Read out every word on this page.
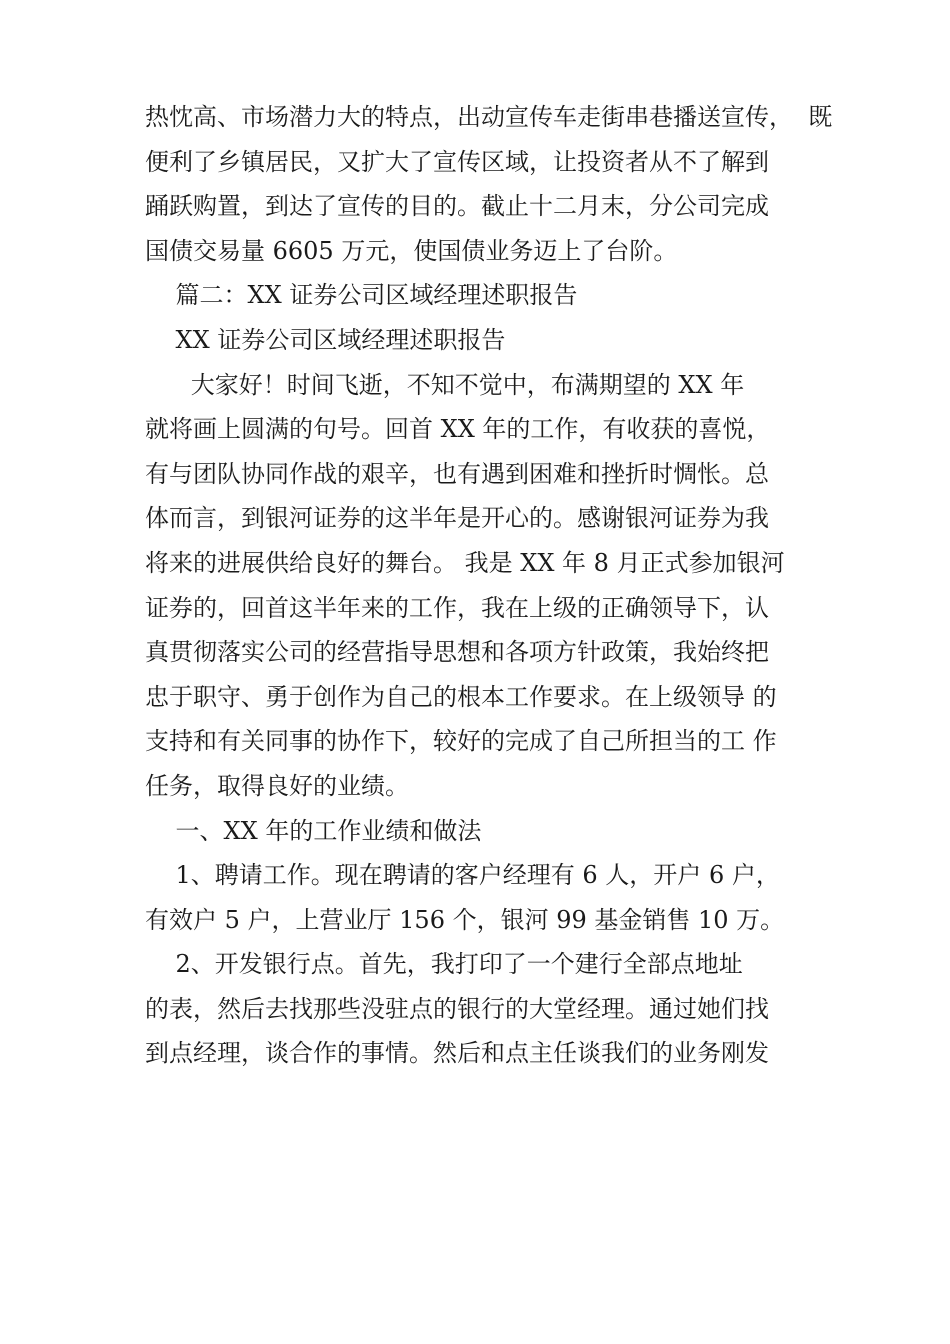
热忱高、市场潜力大的特点，出动宣传车走街串巷播送宣传，  既
便利了乡镇居民，又扩大了宣传区域，让投资者从不了解到
踊跃购置，到达了宣传的目的。截止十二月末，分公司完成
国债交易量 6605 万元，使国债业务迈上了台阶。
篇二：XX 证券公司区域经理述职报告
XX 证券公司区域经理述职报告
大家好！时间飞逝，不知不觉中，布满期望的 XX 年
就将画上圆满的句号。回首 XX 年的工作，有收获的喜悦，
有与团队协同作战的艰辛，也有遇到困难和挫折时惆怅。总
体而言，到银河证券的这半年是开心的。感谢银河证券为我
将来的进展供给良好的舞台。 我是 XX 年 8 月正式参加银河
证券的，回首这半年来的工作，我在上级的正确领导下，认
真贯彻落实公司的经营指导思想和各项方针政策，我始终把
忠于职守、勇于创作为自己的根本工作要求。在上级领导 的
支持和有关同事的协作下，较好的完成了自己所担当的工 作
任务，取得良好的业绩。
一、XX 年的工作业绩和做法
1、聘请工作。现在聘请的客户经理有 6 人，开户 6 户，
有效户 5 户，上营业厅 156 个，银河 99 基金销售 10 万。
2、开发银行点。首先，我打印了一个建行全部点地址
的表，然后去找那些没驻点的银行的大堂经理。通过她们找
到点经理，谈合作的事情。然后和点主任谈我们的业务刚发
